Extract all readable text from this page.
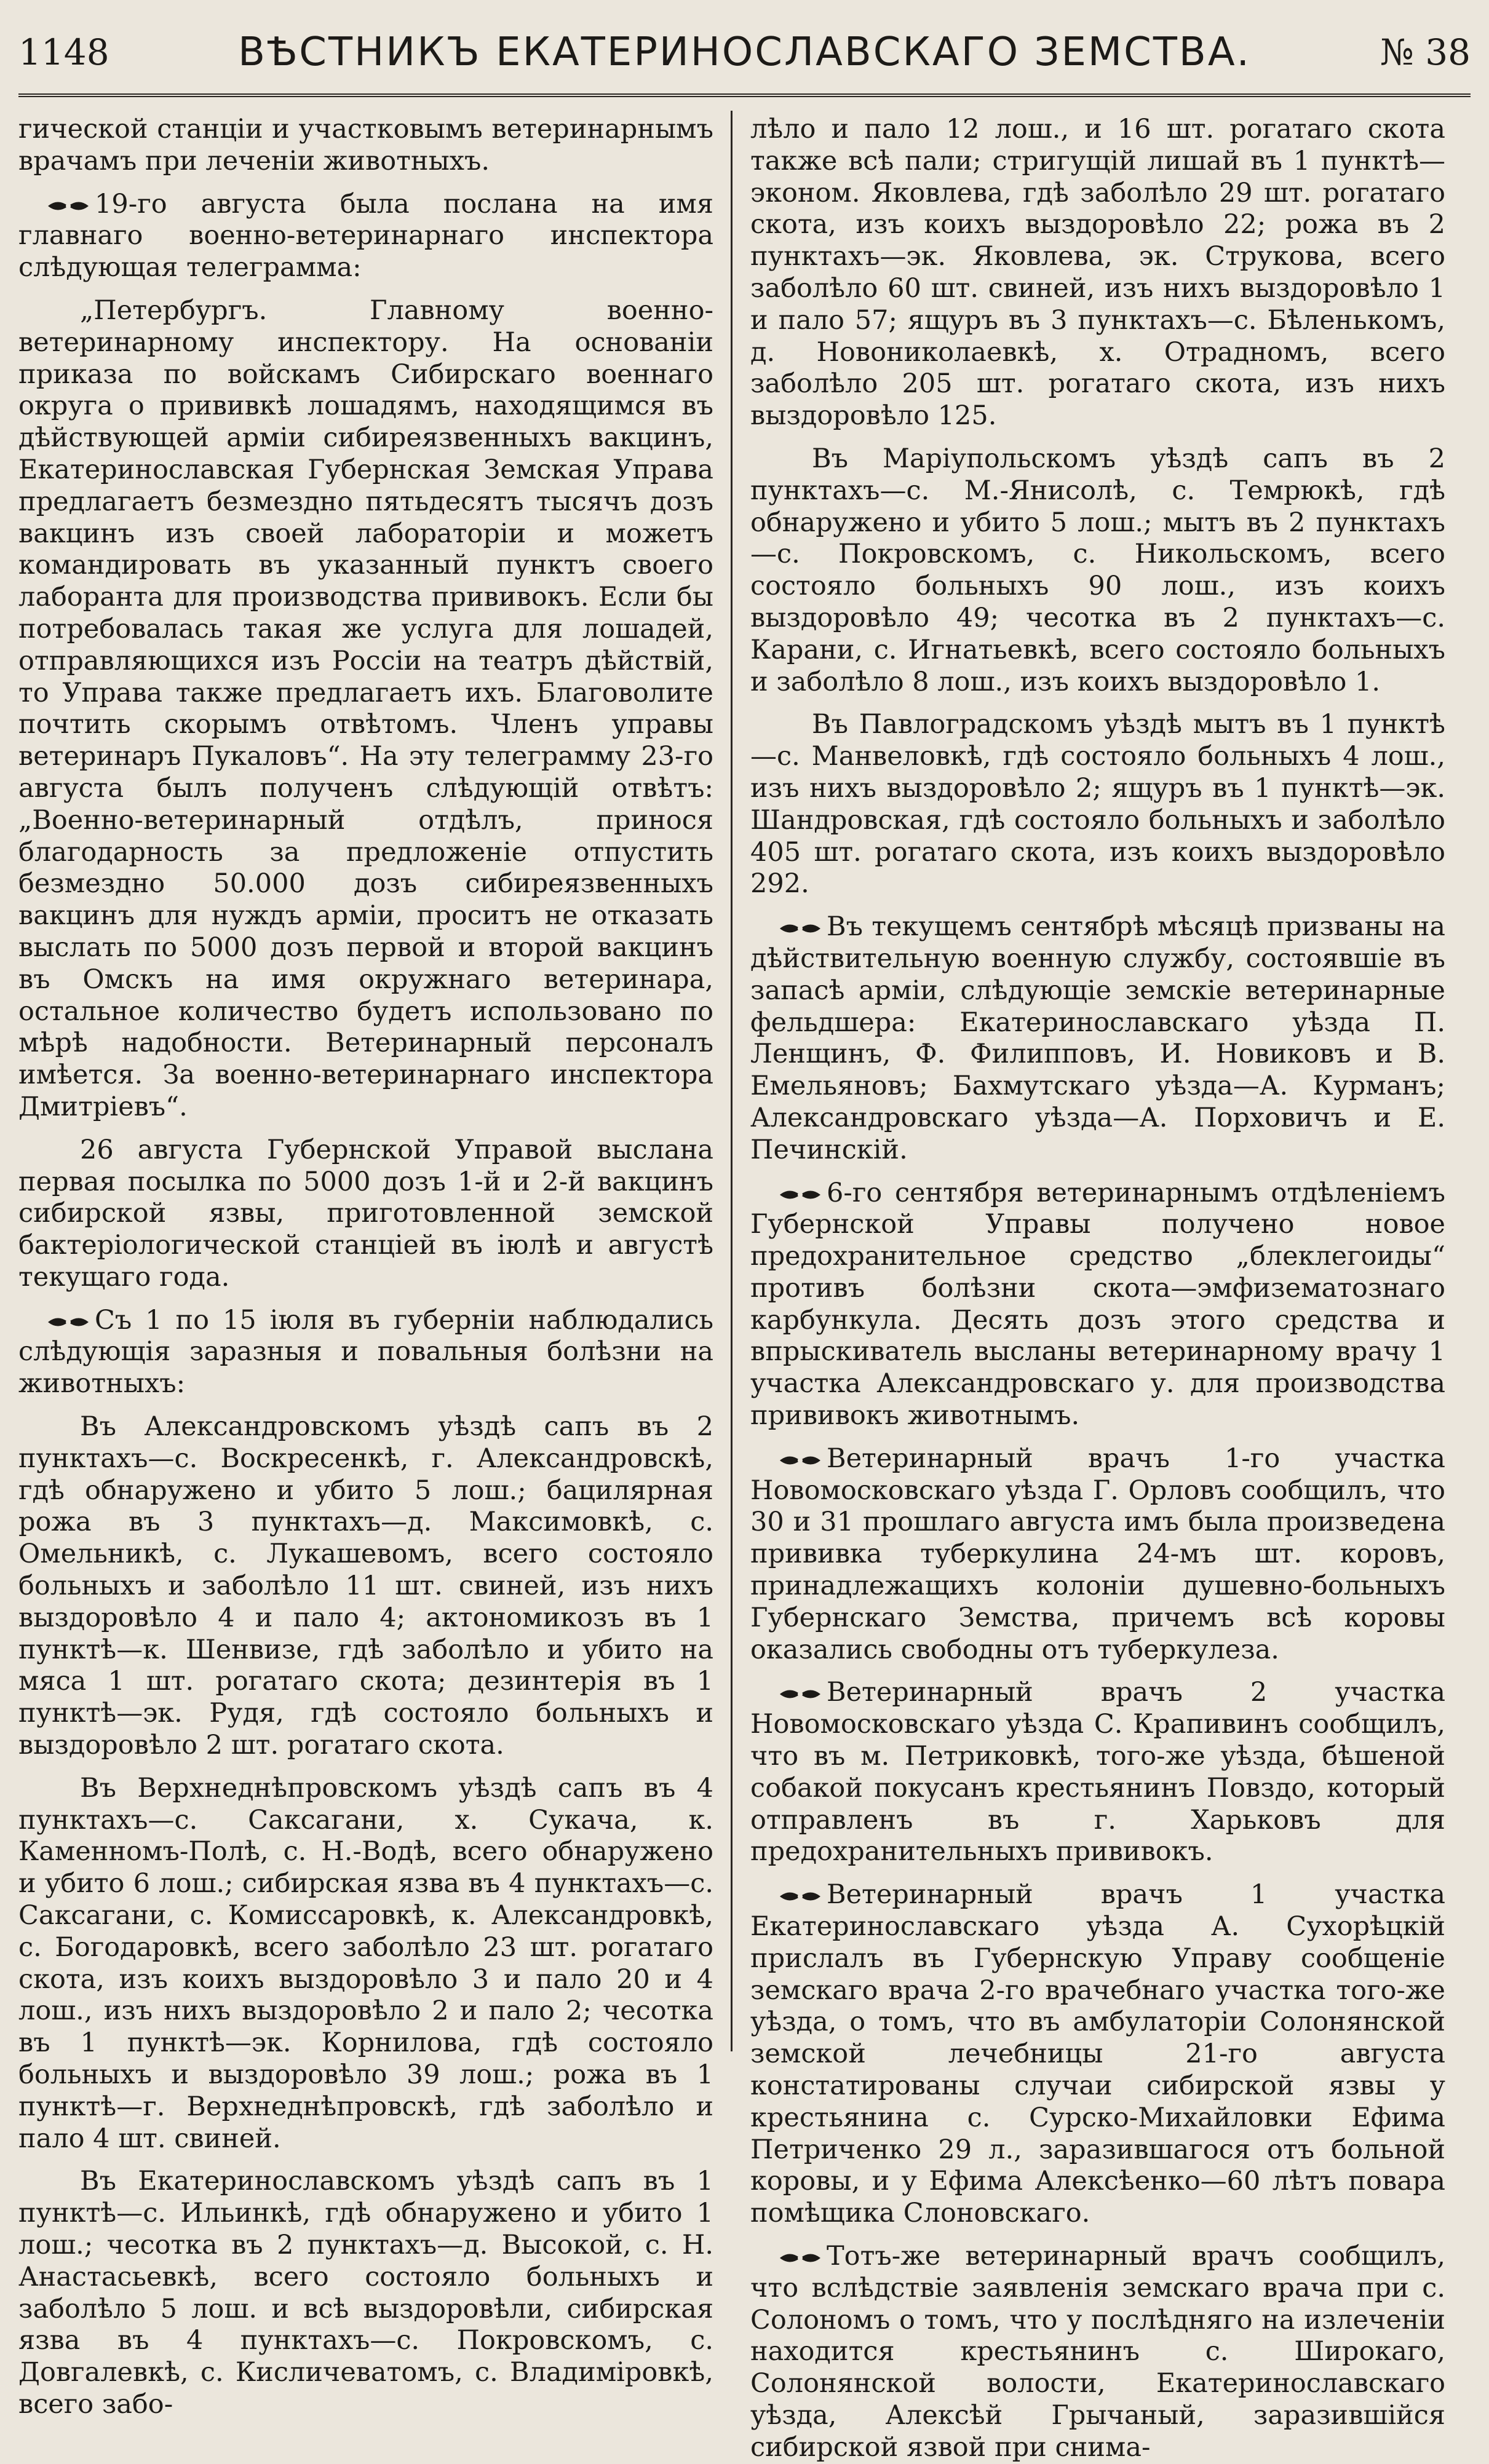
1148	ВѢСТНИКЪ ЕКАТЕРИНОСЛАВСКАГО ЗЕМСТВА.	№ 38

гической станціи и участковымъ ветеринарнымъ врачамъ при леченіи животныхъ.

19-го августа была послана на имя главнаго военно-ветеринарнаго инспектора слѣдующая телеграмма:

„Петербургъ. Главному военно-ветеринарному инспектору. На основаніи приказа по войскамъ Сибирскаго военнаго округа о прививкѣ лошадямъ, находящимся въ дѣйствующей арміи сибиреязвенныхъ вакцинъ, Екатеринославская Губернская Земская Управа предлагаетъ безмездно пятьдесятъ тысячъ дозъ вакцинъ изъ своей лабораторіи и можетъ командировать въ указанный пунктъ своего лаборанта для производства прививокъ. Если бы потребовалась такая же услуга для лошадей, отправляющихся изъ Россіи на театръ дѣйствій, то Управа также предлагаетъ ихъ. Благоволите почтить скорымъ отвѣтомъ. Членъ управы ветеринаръ Пукаловъ“. На эту телеграмму 23-го августа былъ полученъ слѣдующій отвѣтъ: „Военно-ветеринарный отдѣлъ, принося благодарность за предложеніе отпустить безмездно 50.000 дозъ сибиреязвенныхъ вакцинъ для нуждъ арміи, проситъ не отказать выслать по 5000 дозъ первой и второй вакцинъ въ Омскъ на имя окружнаго ветеринара, остальное количество будетъ использовано по мѣрѣ надобности. Ветеринарный персоналъ имѣется. За военно-ветеринарнаго инспектора Дмитріевъ“.

26 августа Губернской Управой выслана первая посылка по 5000 дозъ 1-й и 2-й вакцинъ сибирской язвы, приготовленной земской бактеріологической станціей въ іюлѣ и августѣ текущаго года.

Съ 1 по 15 іюля въ губерніи наблюдались слѣдующія заразныя и повальныя болѣзни на животныхъ:

Въ Александровскомъ уѣздѣ сапъ въ 2 пунктахъ—с. Воскресенкѣ, г. Александровскѣ, гдѣ обнаружено и убито 5 лош.; бацилярная рожа въ 3 пунктахъ—д. Максимовкѣ, с. Омельникѣ, с. Лукашевомъ, всего состояло больныхъ и заболѣло 11 шт. свиней, изъ нихъ выздоровѣло 4 и пало 4; актономикозъ въ 1 пунктѣ—к. Шенвизе, гдѣ заболѣло и убито на мяса 1 шт. рогатаго скота; дезинтерія въ 1 пунктѣ—эк. Рудя, гдѣ состояло больныхъ и выздоровѣло 2 шт. рогатаго скота.

Въ Верхнеднѣпровскомъ уѣздѣ сапъ въ 4 пунктахъ—с. Саксагани, х. Сукача, к. Каменномъ-Полѣ, с. Н.-Водѣ, всего обнаружено и убито 6 лош.; сибирская язва въ 4 пунктахъ—с. Саксагани, с. Комиссаровкѣ, к. Александровкѣ, с. Богодаровкѣ, всего заболѣло 23 шт. рогатаго скота, изъ коихъ выздоровѣло 3 и пало 20 и 4 лош., изъ нихъ выздоровѣло 2 и пало 2; чесотка въ 1 пунктѣ—эк. Корнилова, гдѣ состояло больныхъ и выздоровѣло 39 лош.; рожа въ 1 пунктѣ—г. Верхнеднѣпровскѣ, гдѣ заболѣло и пало 4 шт. свиней.

Въ Екатеринославскомъ уѣздѣ сапъ въ 1 пунктѣ—с. Ильинкѣ, гдѣ обнаружено и убито 1 лош.; чесотка въ 2 пунктахъ—д. Высокой, с. Н. Анастасьевкѣ, всего состояло больныхъ и заболѣло 5 лош. и всѣ выздоровѣли, сибирская язва въ 4 пунктахъ—с. Покровскомъ, с. Довгалевкѣ, с. Кисличеватомъ, с. Владиміровкѣ, всего забо-

лѣло и пало 12 лош., и 16 шт. рогатаго скота также всѣ пали; стригущій лишай въ 1 пунктѣ—эконом. Яковлева, гдѣ заболѣло 29 шт. рогатаго скота, изъ коихъ выздоровѣло 22; рожа въ 2 пунктахъ—эк. Яковлева, эк. Струкова, всего заболѣло 60 шт. свиней, изъ нихъ выздоровѣло 1 и пало 57; ящуръ въ 3 пунктахъ—с. Бѣленькомъ, д. Новониколаевкѣ, х. Отрадномъ, всего заболѣло 205 шт. рогатаго скота, изъ нихъ выздоровѣло 125.

Въ Маріупольскомъ уѣздѣ сапъ въ 2 пунктахъ—с. М.-Янисолѣ, с. Темрюкѣ, гдѣ обнаружено и убито 5 лош.; мытъ въ 2 пунктахъ—с. Покровскомъ, с. Никольскомъ, всего состояло больныхъ 90 лош., изъ коихъ выздоровѣло 49; чесотка въ 2 пунктахъ—с. Карани, с. Игнатьевкѣ, всего состояло больныхъ и заболѣло 8 лош., изъ коихъ выздоровѣло 1.

Въ Павлоградскомъ уѣздѣ мытъ въ 1 пунктѣ—с. Манвеловкѣ, гдѣ состояло больныхъ 4 лош., изъ нихъ выздоровѣло 2; ящуръ въ 1 пунктѣ—эк. Шандровская, гдѣ состояло больныхъ и заболѣло 405 шт. рогатаго скота, изъ коихъ выздоровѣло 292.

Въ текущемъ сентябрѣ мѣсяцѣ призваны на дѣйствительную военную службу, состоявшіе въ запасѣ арміи, слѣдующіе земскіе ветеринарные фельдшера: Екатеринославскаго уѣзда П. Ленщинъ, Ф. Филипповъ, И. Новиковъ и В. Емельяновъ; Бахмутскаго уѣзда—А. Курманъ; Александровскаго уѣзда—А. Порховичъ и Е. Печинскій.

6-го сентября ветеринарнымъ отдѣленіемъ Губернской Управы получено новое предохранительное средство „блеклегоиды“ противъ болѣзни скота—эмфизематознаго карбункула. Десять дозъ этого средства и впрыскиватель высланы ветеринарному врачу 1 участка Александровскаго у. для производства прививокъ животнымъ.

Ветеринарный врачъ 1-го участка Новомосковскаго уѣзда Г. Орловъ сообщилъ, что 30 и 31 прошлаго августа имъ была произведена прививка туберкулина 24-мъ шт. коровъ, принадлежащихъ колоніи душевно-больныхъ Губернскаго Земства, причемъ всѣ коровы оказались свободны отъ туберкулеза.

Ветеринарный врачъ 2 участка Новомосковскаго уѣзда С. Крапивинъ сообщилъ, что въ м. Петриковкѣ, того-же уѣзда, бѣшеной собакой покусанъ крестьянинъ Повздо, который отправленъ въ г. Харьковъ для предохранительныхъ прививокъ.

Ветеринарный врачъ 1 участка Екатеринославскаго уѣзда А. Сухорѣцкій прислалъ въ Губернскую Управу сообщеніе земскаго врача 2-го врачебнаго участка того-же уѣзда, о томъ, что въ амбулаторіи Солонянской земской лечебницы 21-го августа констатированы случаи сибирской язвы у крестьянина с. Сурско-Михайловки Ефима Петриченко 29 л., заразившагося отъ больной коровы, и у Ефима Алексѣенко—60 лѣтъ повара помѣщика Слоновскаго.

Тотъ-же ветеринарный врачъ сообщилъ, что вслѣдствіе заявленія земскаго врача при с. Солономъ о томъ, что у послѣдняго на излеченіи находится крестьянинъ с. Широкаго, Солонянской волости, Екатеринославскаго уѣзда, Алексѣй Грычаный, заразившійся сибирской язвой при снима-
